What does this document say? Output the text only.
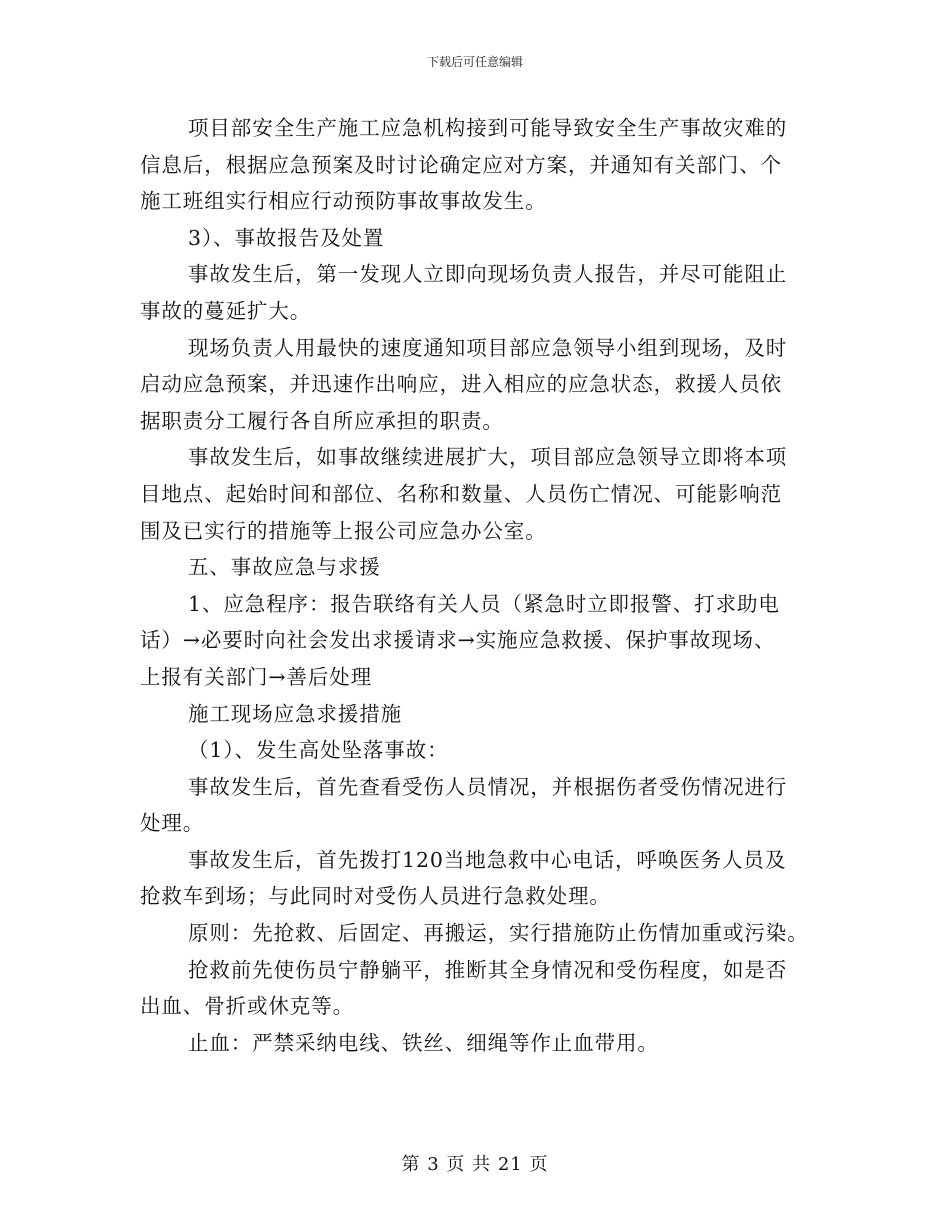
下载后可任意编辑
项目部安全生产施工应急机构接到可能导致安全生产事故灾难的
信息后，根据应急预案及时讨论确定应对方案，并通知有关部门、个
施工班组实行相应行动预防事故事故发生。
3）、事故报告及处置
事故发生后，第一发现人立即向现场负责人报告，并尽可能阻止
事故的蔓延扩大。
现场负责人用最快的速度通知项目部应急领导小组到现场，及时
启动应急预案，并迅速作出响应，进入相应的应急状态，救援人员依
据职责分工履行各自所应承担的职责。
事故发生后，如事故继续进展扩大，项目部应急领导立即将本项
目地点、起始时间和部位、名称和数量、人员伤亡情况、可能影响范
围及已实行的措施等上报公司应急办公室。
五、事故应急与求援
1、应急程序：报告联络有关人员（紧急时立即报警、打求助电
话）→必要时向社会发出求援请求→实施应急救援、保护事故现场、
上报有关部门→善后处理
施工现场应急求援措施
（1）、发生高处坠落事故：
事故发生后，首先查看受伤人员情况，并根据伤者受伤情况进行
处理。
事故发生后，首先拨打120当地急救中心电话，呼唤医务人员及
抢救车到场；与此同时对受伤人员进行急救处理。
原则：先抢救、后固定、再搬运，实行措施防止伤情加重或污染。
抢救前先使伤员宁静躺平，推断其全身情况和受伤程度，如是否
出血、骨折或休克等。
止血：严禁采纳电线、铁丝、细绳等作止血带用。
第 3 页 共 21 页
